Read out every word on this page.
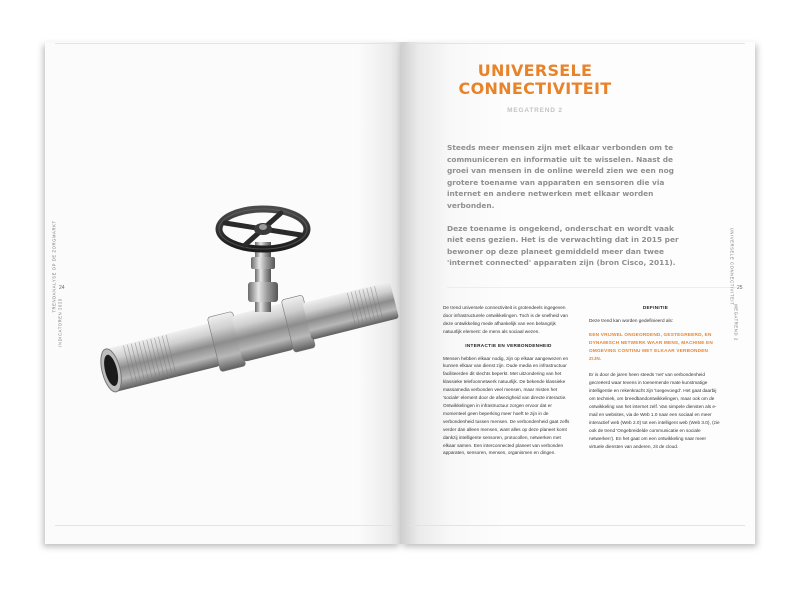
TRENDANALYSE OP DE ZORGMARKT
INDICATOREN 2020
24	UNIVERSELE CONNECTIVITEIT
MEGATREND 2
25
UNIVERSELE
CONNECTIVITEIT
MEGATREND 2

Steeds meer mensen zijn met elkaar verbonden om te communiceren en informatie uit te wisselen. Naast de groei van mensen in de online wereld zien we een nog grotere toename van apparaten en sensoren die via internet en andere netwerken met elkaar worden verbonden.

Deze toename is ongekend, onderschat en wordt vaak niet eens gezien. Het is de verwachting dat in 2015 per bewoner op deze planeet gemiddeld meer dan twee 'internet connected' apparaten zijn (bron Cisco, 2011).

De trend universele connectiviteit is grotendeels ingegeven door infrastructurele ontwikkelingen. Toch is de snelheid van deze ontwikkeling mede afhankelijk van een belangrijk natuurlijk element: de mens als sociaal wezen.

INTERACTIE EN VERBONDENHEID

Mensen hebben elkaar nodig, zijn op elkaar aangewezen en kunnen elkaar van dienst zijn. Oude media en infrastructuur faciliteerden dit slechts beperkt. Met uitzondering van het klassieke telefoonnetwerk natuurlijk. De bekende klassieke massamedia verbonden veel mensen, maar misten het 'sociale' element door de afwezigheid van directe interactie. Ontwikkelingen in infrastructuur zorgen ervoor dat er momenteel geen beperking meer hoeft te zijn in de verbondenheid tussen mensen. De verbondenheid gaat zelfs verder dan alleen mensen, want alles op deze planeet komt dankzij intelligente sensoren, protocollen, netwerken met elkaar samen. Een interconnected planeet van verbonden apparaten, sensoren, mensen, organismen en dingen.

DEFINITIE

Deze trend kan worden gedefinieerd als:

EEN VRIJWEL ONGEORDEND, GESTEGREERD, EN DYNAMISCH NETWERK WAAR MENS, MACHINE EN OMGEVING CONTINU MET ELKAAR VERBONDEN ZIJN.

Er is door de jaren heen steeds 'net' van verbondenheid gecreëerd waar tevens in toenemende mate kunstmatige intelligentie en rekenkracht zijn 'toegevoegd'. Het gaat daarbij om techniek, om breedbandontwikkelingen, maar ook om de ontwikkeling van het internet zelf. Van simpele diensten als e-mail en websites, via de Web 1.0 naar een sociaal en meer interactief web (Web 2.0) tot een intelligent web (Web 3.0), (zie ook de trend 'Ongebreidelde communicatie en sociale netwerken'). En het gaat om een ontwikkeling naar meer virtuele diensten van anderen, zit de cloud.
